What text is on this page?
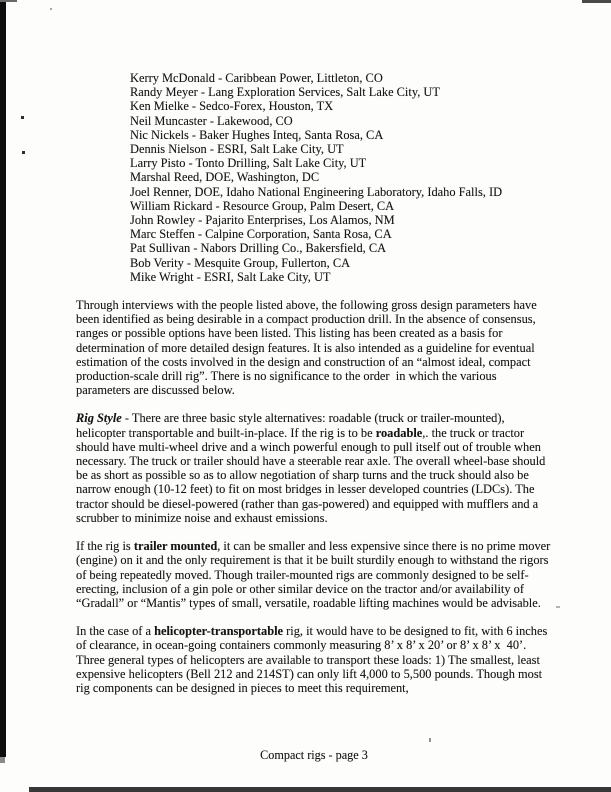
Kerry McDonald - Caribbean Power, Littleton, CO
Randy Meyer - Lang Exploration Services, Salt Lake City, UT
Ken Mielke - Sedco-Forex, Houston, TX
Neil Muncaster - Lakewood, CO
Nic Nickels - Baker Hughes Inteq, Santa Rosa, CA
Dennis Nielson - ESRI, Salt Lake City, UT
Larry Pisto - Tonto Drilling, Salt Lake City, UT
Marshal Reed, DOE, Washington, DC
Joel Renner, DOE, Idaho National Engineering Laboratory, Idaho Falls, ID
William Rickard - Resource Group, Palm Desert, CA
John Rowley - Pajarito Enterprises, Los Alamos, NM
Marc Steffen - Calpine Corporation, Santa Rosa, CA
Pat Sullivan - Nabors Drilling Co., Bakersfield, CA
Bob Verity - Mesquite Group, Fullerton, CA
Mike Wright - ESRI, Salt Lake City, UT

Through interviews with the people listed above, the following gross design parameters have been identified as being desirable in a compact production drill. In the absence of consensus, ranges or possible options have been listed. This listing has been created as a basis for determination of more detailed design features. It is also intended as a guideline for eventual estimation of the costs involved in the design and construction of an “almost ideal, compact production-scale drill rig”. There is no significance to the order  in which the various parameters are discussed below.

Rig Style - There are three basic style alternatives: roadable (truck or trailer-mounted), helicopter transportable and built-in-place. If the rig is to be roadable,. the truck or tractor should have multi-wheel drive and a winch powerful enough to pull itself out of trouble when necessary. The truck or trailer should have a steerable rear axle. The overall wheel-base should be as short as possible so as to allow negotiation of sharp turns and the truck should also be narrow enough (10-12 feet) to fit on most bridges in lesser developed countries (LDCs). The tractor should be diesel-powered (rather than gas-powered) and equipped with mufflers and a scrubber to minimize noise and exhaust emissions.

If the rig is trailer mounted, it can be smaller and less expensive since there is no prime mover (engine) on it and the only requirement is that it be built sturdily enough to withstand the rigors of being repeatedly moved. Though trailer-mounted rigs are commonly designed to be self-erecting, inclusion of a gin pole or other similar device on the tractor and/or availability of  “Gradall” or “Mantis” types of small, versatile, roadable lifting machines would be advisable.

In the case of a helicopter-transportable rig, it would have to be designed to fit, with 6 inches of clearance, in ocean-going containers commonly measuring 8’ x 8’ x 20’ or 8’ x 8’ x  40’. Three general types of helicopters are available to transport these loads: 1) The smallest, least expensive helicopters (Bell 212 and 214ST) can only lift 4,000 to 5,500 pounds. Though most rig components can be designed in pieces to meet this requirement,

Compact rigs - page 3
